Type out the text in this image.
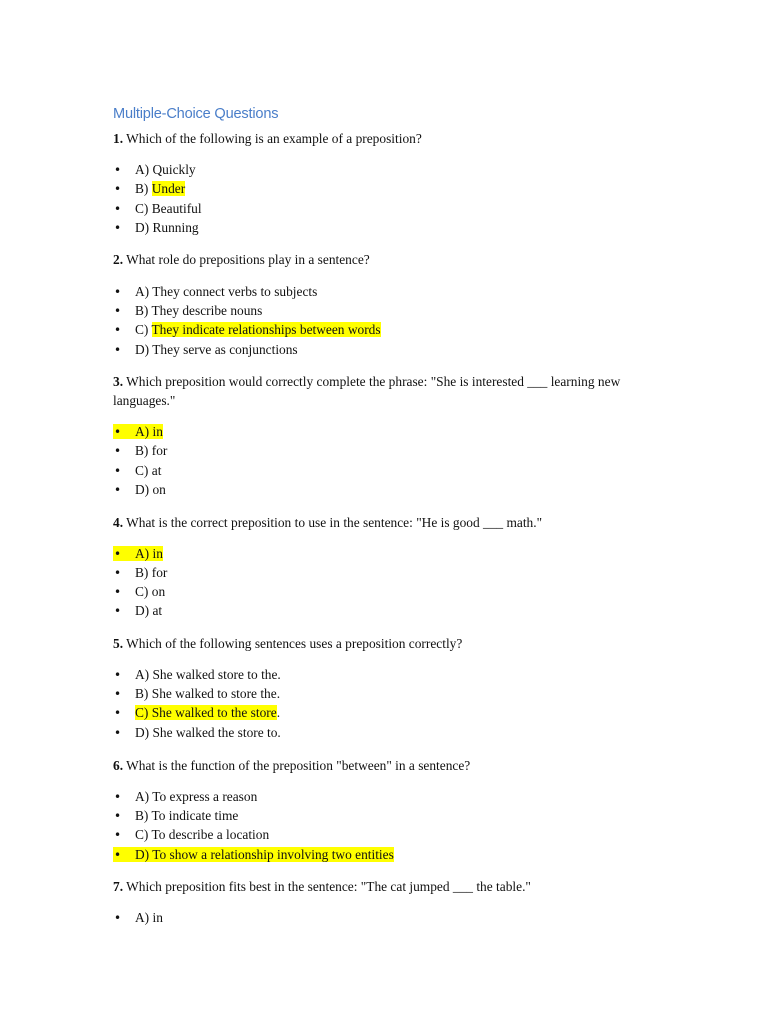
Multiple-Choice Questions
1. Which of the following is an example of a preposition?
• A) Quickly
• B) Under
• C) Beautiful
• D) Running
2. What role do prepositions play in a sentence?
• A) They connect verbs to subjects
• B) They describe nouns
• C) They indicate relationships between words
• D) They serve as conjunctions
3. Which preposition would correctly complete the phrase: "She is interested ___ learning new languages."
• A) in
• B) for
• C) at
• D) on
4. What is the correct preposition to use in the sentence: "He is good ___ math."
• A) in
• B) for
• C) on
• D) at
5. Which of the following sentences uses a preposition correctly?
• A) She walked store to the.
• B) She walked to store the.
• C) She walked to the store.
• D) She walked the store to.
6. What is the function of the preposition "between" in a sentence?
• A) To express a reason
• B) To indicate time
• C) To describe a location
• D) To show a relationship involving two entities
7. Which preposition fits best in the sentence: "The cat jumped ___ the table."
• A) in
